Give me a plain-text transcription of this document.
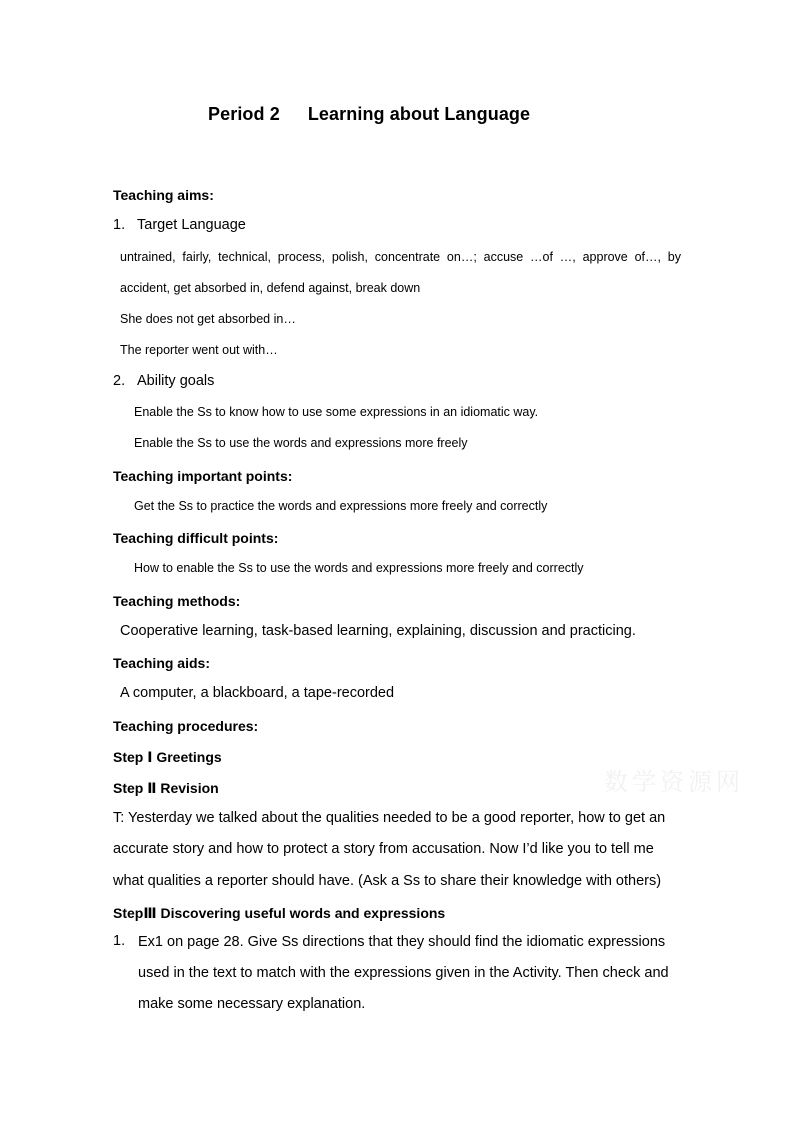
Period 2 Learning about Language
Teaching aims:
1. Target Language
untrained, fairly, technical, process, polish, concentrate on…; accuse …of …, approve of…, by
accident, get absorbed in, defend against, break down
She does not get absorbed in…
The reporter went out with…
2. Ability goals
Enable the Ss to know how to use some expressions in an idiomatic way.
Enable the Ss to use the words and expressions more freely
Teaching important points:
Get the Ss to practice the words and expressions more freely and correctly
Teaching difficult points:
How to enable the Ss to use the words and expressions more freely and correctly
Teaching methods:
Cooperative learning, task-based learning, explaining, discussion and practicing.
Teaching aids:
A computer, a blackboard, a tape-recorded
Teaching procedures:
Step Ⅰ Greetings
Step Ⅱ Revision
T: Yesterday we talked about the qualities needed to be a good reporter, how to get an
accurate story and how to protect a story from accusation. Now I’d like you to tell me
what qualities a reporter should have. (Ask a Ss to share their knowledge with others)
StepⅢ Discovering useful words and expressions
1. Ex1 on page 28. Give Ss directions that they should find the idiomatic expressions used in the text to match with the expressions given in the Activity. Then check and make some necessary explanation.
数学资源网
